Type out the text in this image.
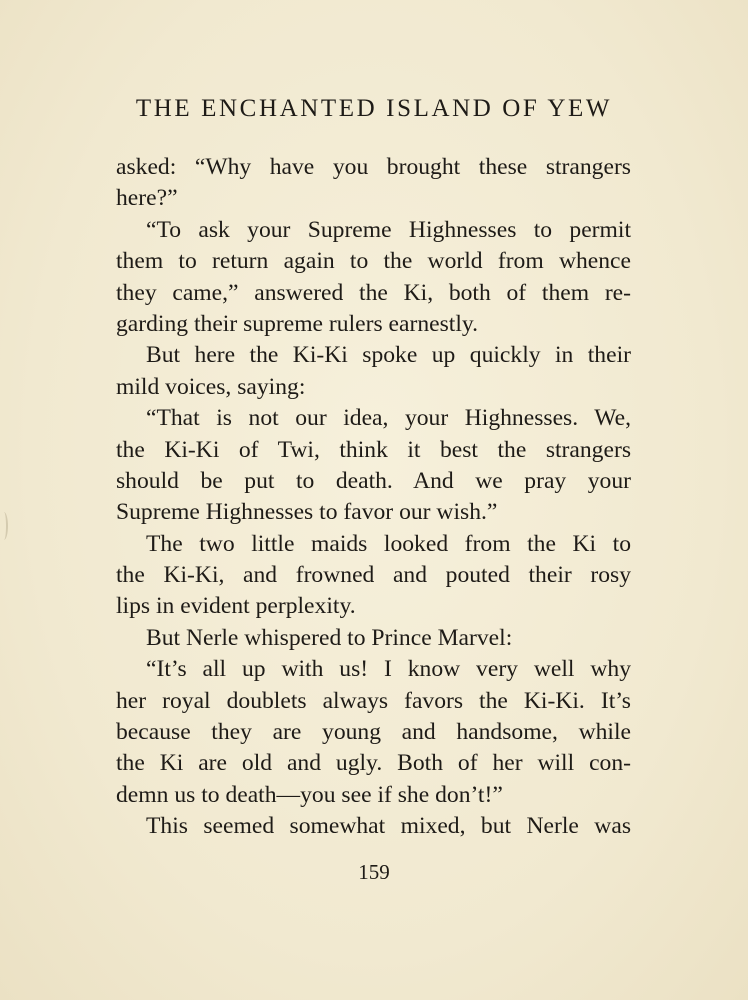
THE ENCHANTED ISLAND OF YEW
asked: “Why have you brought these strangers
here?”
“To ask your Supreme Highnesses to permit
them to return again to the world from whence
they came,” answered the Ki, both of them re-
garding their supreme rulers earnestly.
But here the Ki-Ki spoke up quickly in their
mild voices, saying:
“That is not our idea, your Highnesses. We,
the Ki-Ki of Twi, think it best the strangers
should be put to death. And we pray your
Supreme Highnesses to favor our wish.”
The two little maids looked from the Ki to
the Ki-Ki, and frowned and pouted their rosy
lips in evident perplexity.
But Nerle whispered to Prince Marvel:
“It’s all up with us! I know very well why
her royal doublets always favors the Ki-Ki. It’s
because they are young and handsome, while
the Ki are old and ugly. Both of her will con-
demn us to death—you see if she don’t!”
This seemed somewhat mixed, but Nerle was
159
